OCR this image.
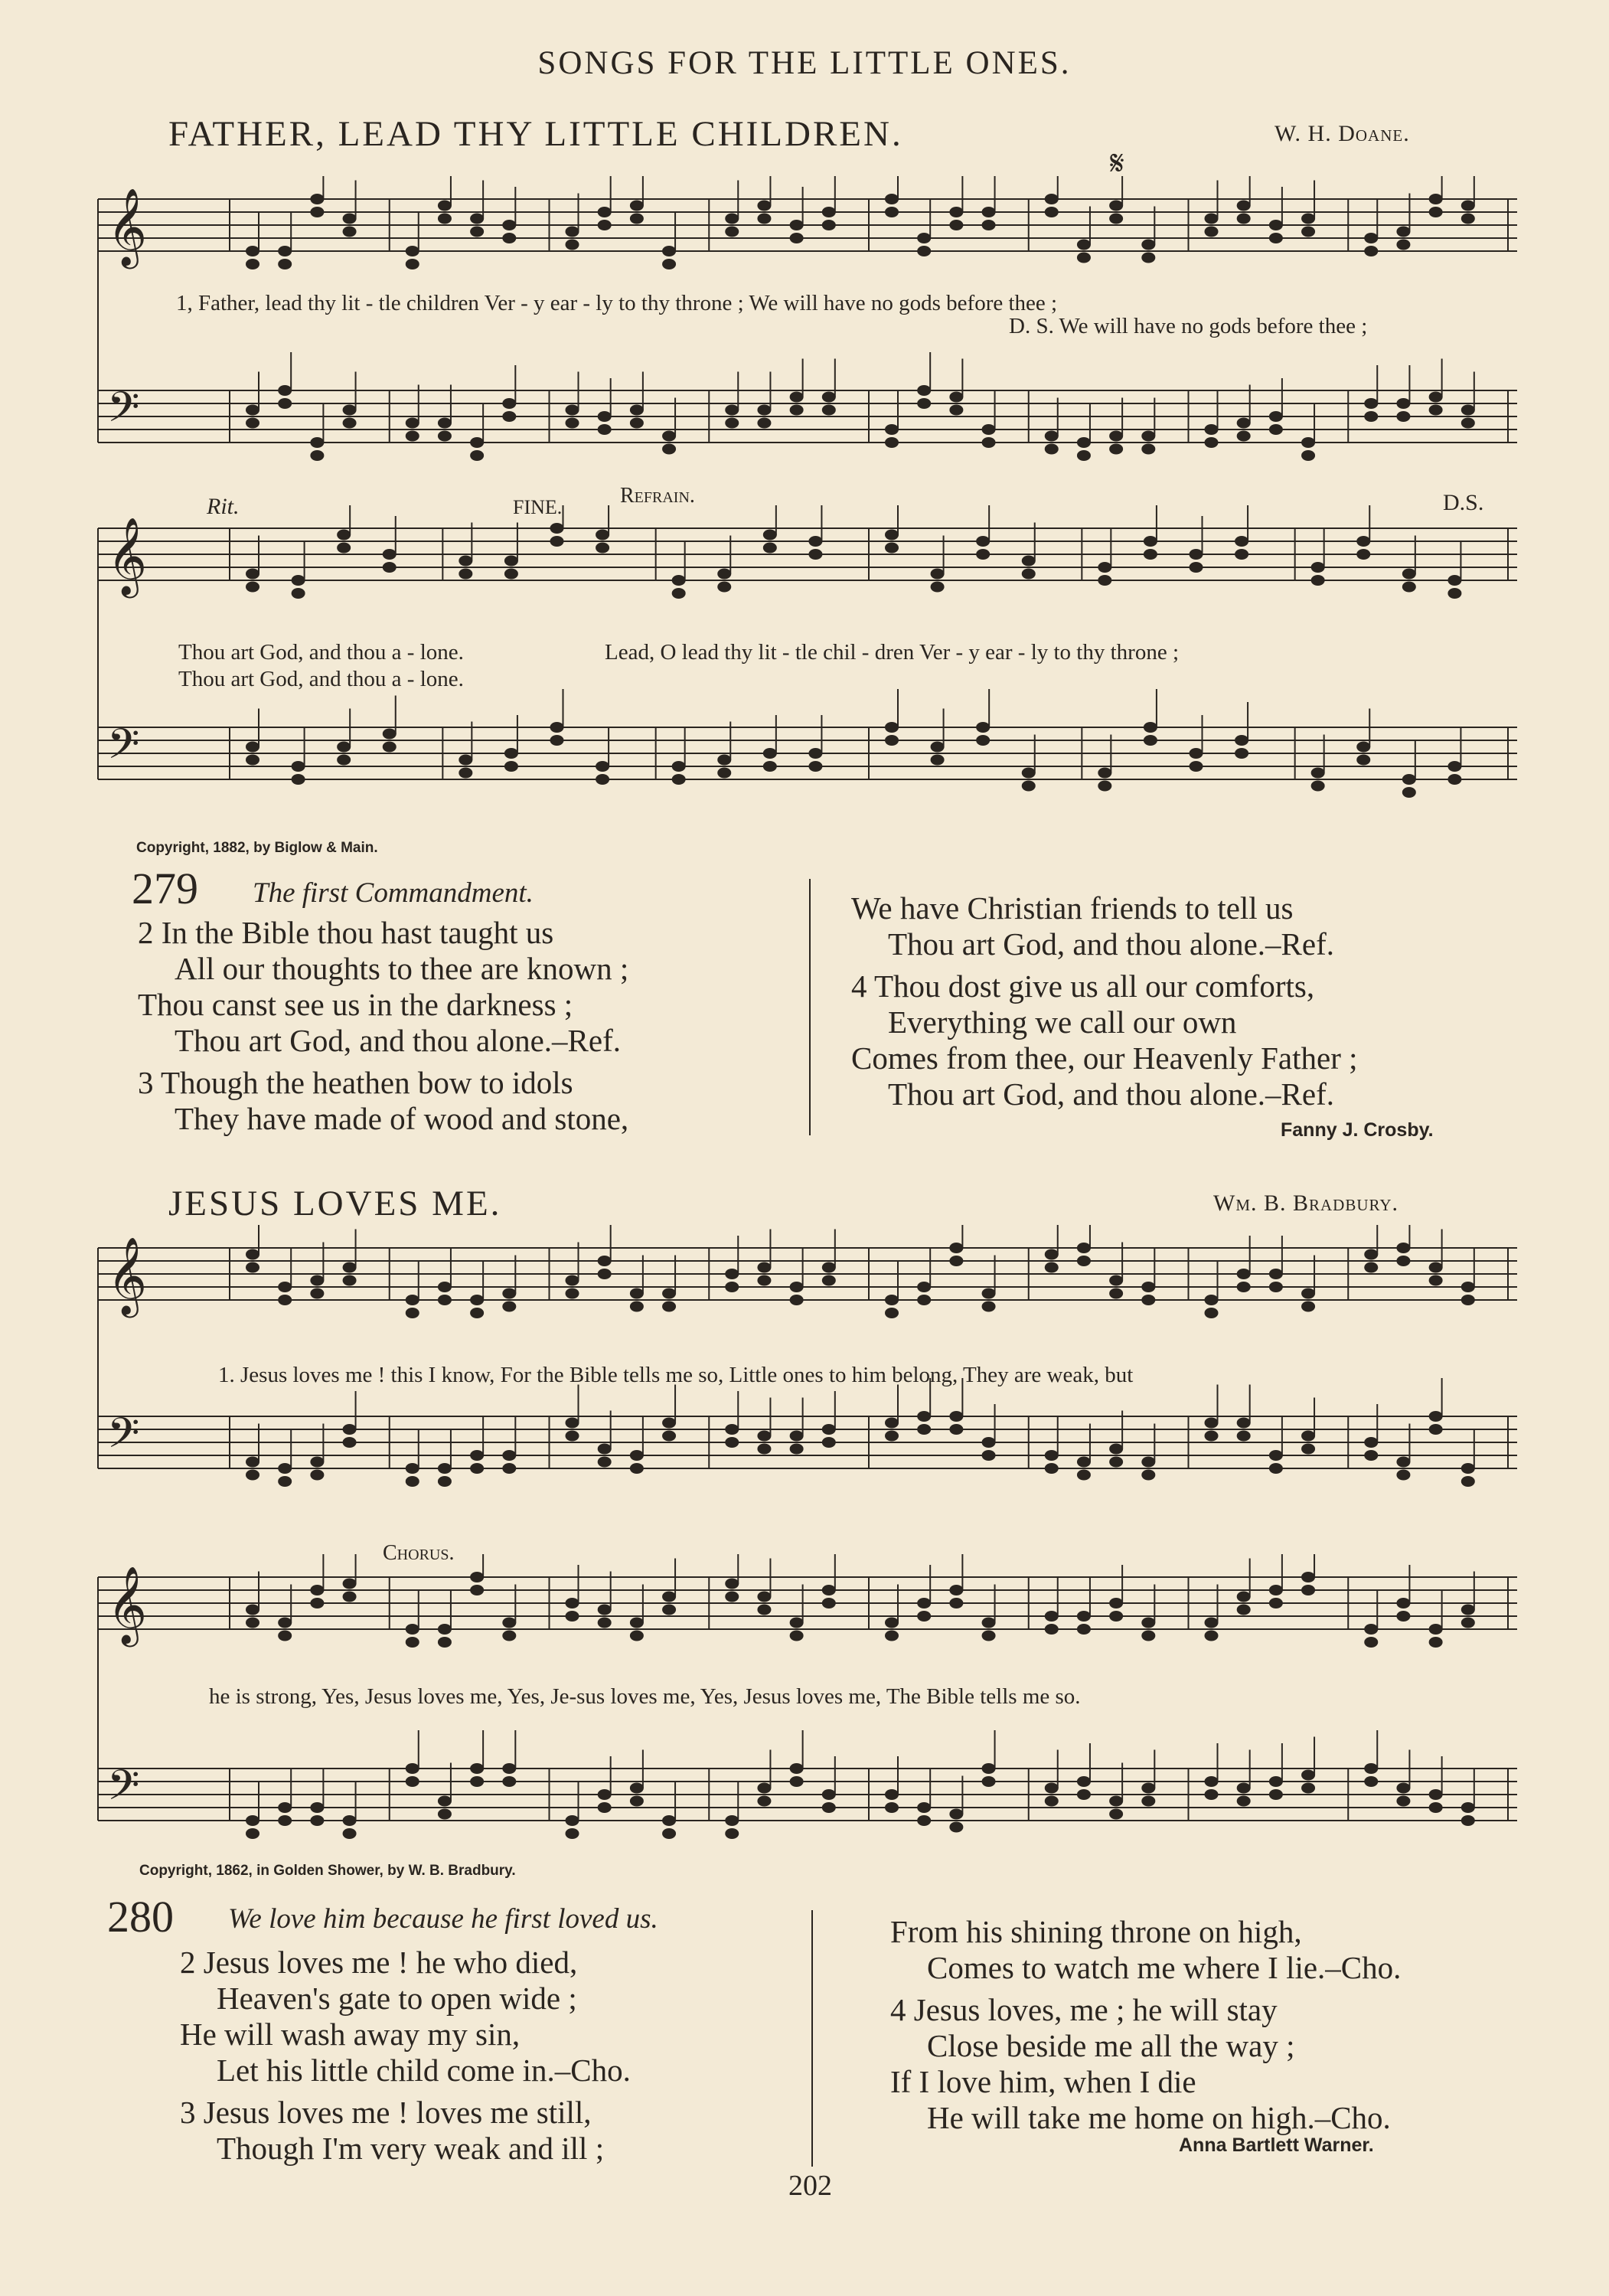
SONGS FOR THE LITTLE ONES.
FATHER, LEAD THY LITTLE CHILDREN.	W. H. Doane.
𝄋
𝄞
𝄢
1, Father, lead thy lit - tle children Ver - y ear - ly to thy throne ; We will have no gods before thee ;
D. S. We will have no gods before thee ;
Rit.	FINE.	Refrain.	D.S.
𝄞
𝄢
Thou art God, and thou a - lone.	Lead, O lead thy lit - tle chil - dren Ver - y ear - ly to thy throne ;
Thou art God, and thou a - lone.
Copyright, 1882, by Biglow & Main.
279 The first Commandment.
2 In the Bible thou hast taught us
All our thoughts to thee are known ;
Thou canst see us in the darkness ;
Thou art God, and thou alone.–Ref.
3 Though the heathen bow to idols
They have made of wood and stone,
We have Christian friends to tell us
Thou art God, and thou alone.–Ref.
4 Thou dost give us all our comforts,
Everything we call our own
Comes from thee, our Heavenly Father ;
Thou art God, and thou alone.–Ref.
Fanny J. Crosby.
JESUS LOVES ME.	Wm. B. Bradbury.
𝄞
𝄢
1. Jesus loves me ! this I know, For the Bible tells me so, Little ones to him belong, They are weak, but
Chorus.
𝄞
𝄢
he is strong, Yes, Jesus loves me, Yes, Je-sus loves me, Yes, Jesus loves me, The Bible tells me so.
Copyright, 1862, in Golden Shower, by W. B. Bradbury.
280 We love him because he first loved us.
2 Jesus loves me ! he who died,
Heaven's gate to open wide ;
He will wash away my sin,
Let his little child come in.–Cho.
3 Jesus loves me ! loves me still,
Though I'm very weak and ill ;
From his shining throne on high,
Comes to watch me where I lie.–Cho.
4 Jesus loves, me ; he will stay
Close beside me all the way ;
If I love him, when I die
He will take me home on high.–Cho.
Anna Bartlett Warner.
202
